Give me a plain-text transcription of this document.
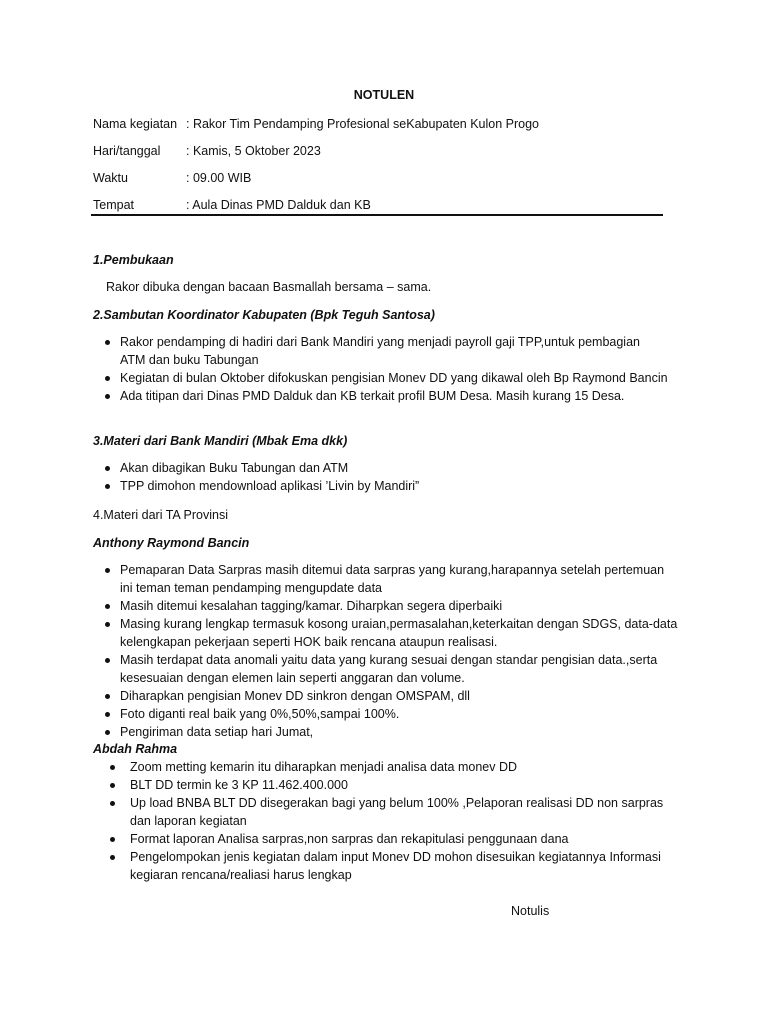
NOTULEN
Nama kegiatan : Rakor Tim Pendamping Profesional seKabupaten Kulon Progo
Hari/tanggal	: Kamis, 5 Oktober 2023
Waktu	: 09.00 WIB
Tempat	: Aula Dinas PMD Dalduk dan KB
1.Pembukaan
Rakor dibuka dengan bacaan Basmallah bersama – sama.
2.Sambutan Koordinator Kabupaten (Bpk Teguh Santosa)
Rakor pendamping di hadiri dari Bank Mandiri yang menjadi payroll gaji TPP,untuk pembagian ATM dan buku Tabungan
Kegiatan di bulan Oktober difokuskan pengisian Monev DD yang dikawal oleh Bp Raymond Bancin
Ada titipan dari Dinas PMD Dalduk dan KB terkait profil BUM Desa. Masih kurang 15 Desa.
3.Materi dari Bank Mandiri (Mbak Ema dkk)
Akan dibagikan Buku Tabungan dan ATM
TPP dimohon mendownload aplikasi ’Livin by Mandiri”
4.Materi dari TA Provinsi
Anthony Raymond Bancin
Pemaparan Data Sarpras masih ditemui data sarpras yang kurang,harapannya setelah pertemuan ini teman teman pendamping mengupdate data
Masih ditemui kesalahan tagging/kamar. Diharpkan segera diperbaiki
Masing kurang lengkap termasuk kosong uraian,permasalahan,keterkaitan dengan SDGS, data-data kelengkapan pekerjaan seperti HOK baik rencana ataupun realisasi.
Masih terdapat data anomali yaitu data yang kurang sesuai dengan standar pengisian data.,serta kesesuaian dengan elemen lain seperti anggaran dan volume.
Diharapkan pengisian Monev DD sinkron dengan OMSPAM, dll
Foto diganti real baik yang 0%,50%,sampai 100%.
Pengiriman data setiap hari Jumat,
Abdah Rahma
Zoom metting kemarin itu diharapkan menjadi analisa data monev DD
BLT DD termin ke 3 KP 11.462.400.000
Up load BNBA BLT DD disegerakan bagi yang belum 100% ,Pelaporan realisasi DD non sarpras dan laporan kegiatan
Format laporan Analisa sarpras,non sarpras dan rekapitulasi penggunaan dana
Pengelompokan jenis kegiatan dalam input Monev DD mohon disesuikan kegiatannya Informasi kegiaran rencana/realiasi harus lengkap
Notulis
